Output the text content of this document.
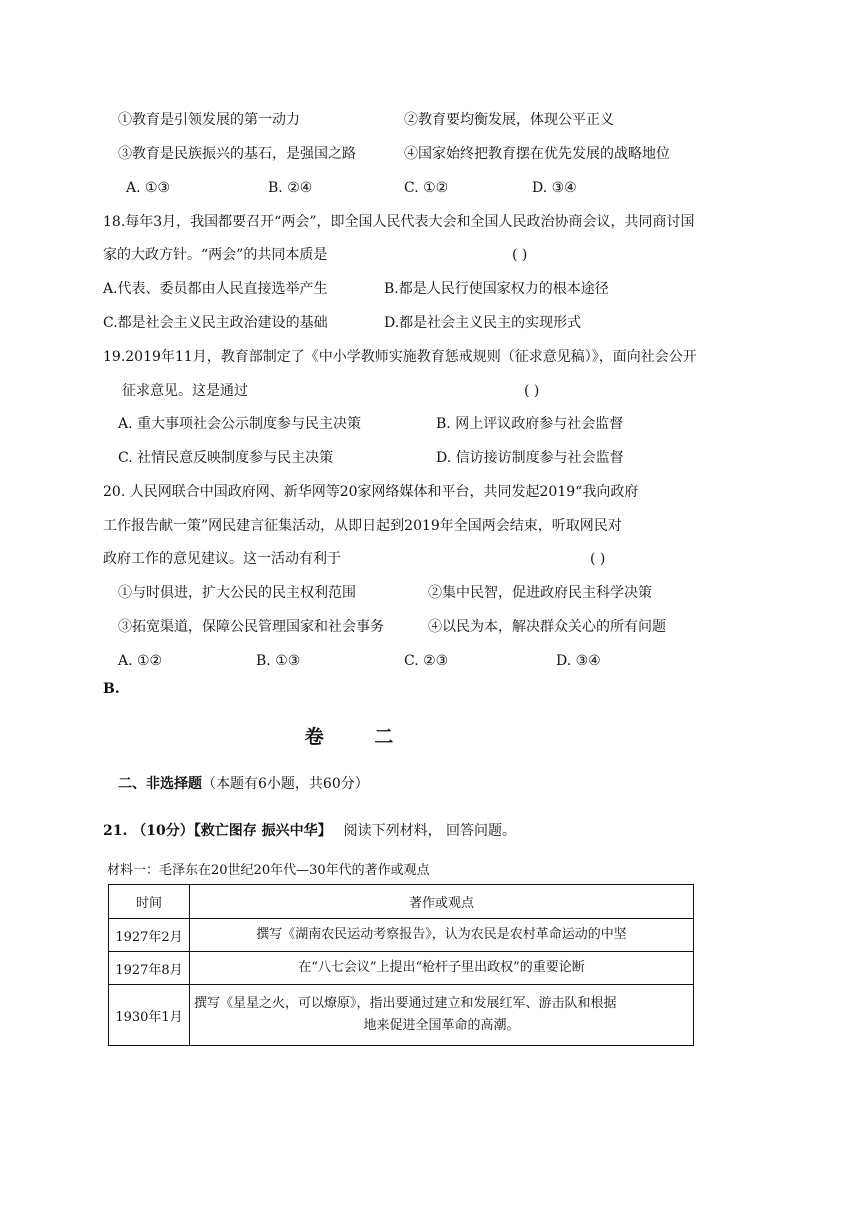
①教育是引领发展的第一动力	②教育要均衡发展，体现公平正义
③教育是民族振兴的基石，是强国之路	④国家始终把教育摆在优先发展的战略地位
A. ①③	B. ②④	C. ①②	D. ③④
18.每年3月，我国都要召开“两会”，即全国人民代表大会和全国人民政治协商会议，共同商讨国
家的大政方针。“两会”的共同本质是	( )
A.代表、委员都由人民直接选举产生	B.都是人民行使国家权力的根本途径
C.都是社会主义民主政治建设的基础	D.都是社会主义民主的实现形式
19.2019年11月，教育部制定了《中小学教师实施教育惩戒规则（征求意见稿）》，面向社会公开
征求意见。这是通过	( )
A. 重大事项社会公示制度参与民主决策	B. 网上评议政府参与社会监督
C. 社情民意反映制度参与民主决策	D. 信访接访制度参与社会监督
20. 人民网联合中国政府网、新华网等20家网络媒体和平台，共同发起2019“我向政府
工作报告献一策”网民建言征集活动，从即日起到2019年全国两会结束，听取网民对
政府工作的意见建议。这一活动有利于	( )
①与时俱进，扩大公民的民主权利范围	②集中民智，促进政府民主科学决策
③拓宽渠道，保障公民管理国家和社会事务	④以民为本，解决群众关心的所有问题
A. ①②	B. ①③	C. ②③	D. ③④
B.
卷 二
二、非选择题（本题有6小题，共60分）
21. （10分）【救亡图存 振兴中华】 阅读下列材料， 回答问题。
材料一：毛泽东在20世纪20年代—30年代的著作或观点
时间	著作或观点
1927年2月	撰写《湖南农民运动考察报告》，认为农民是农村革命运动的中坚
1927年8月	在“八七会议”上提出“枪杆子里出政权”的重要论断
1930年1月	撰写《星星之火，可以燎原》，指出要通过建立和发展红军、游击队和根据
地来促进全国革命的高潮。
